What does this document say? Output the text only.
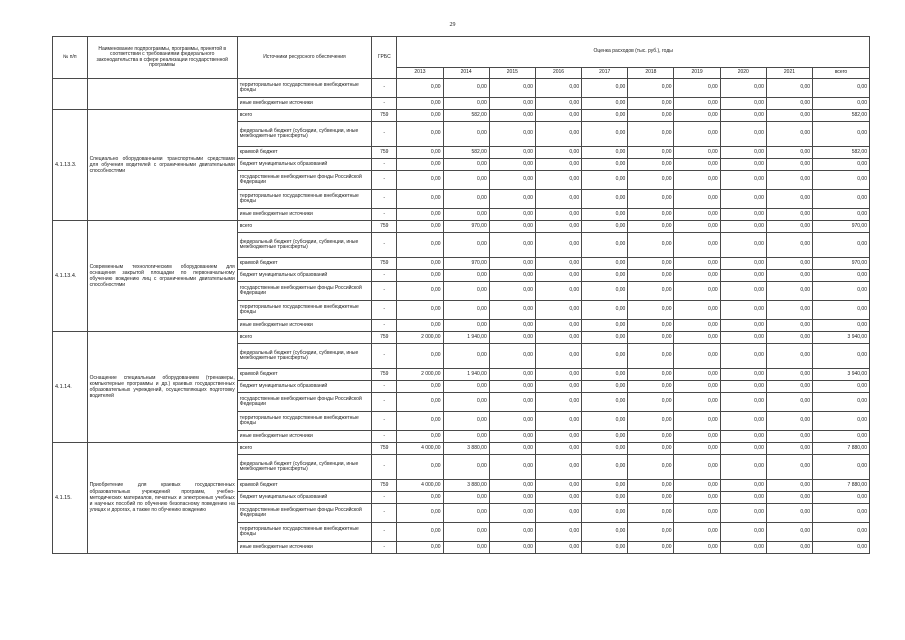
29
№ п/п	Наименование подпрограммы, программы, принятой в соответствии с требованиями федерального законодательства в сфере реализации государственной программы	Источники ресурсного обеспечения	ГРБС	Оценка расходов (тыс. руб.), годы									
				2013	2014	2015	2016	2017	2018	2019	2020	2021	всего
		территориальные государственные внебюджетные фонды	-	0,00	0,00	0,00	0,00	0,00	0,00	0,00	0,00	0,00	0,00
		иные внебюджетные источники	-	0,00	0,00	0,00	0,00	0,00	0,00	0,00	0,00	0,00	0,00
4.1.13.3.	Специально оборудованными транспортными средствами для обучения водителей с ограниченными двигательными способностями	всего	759	0,00	582,00	0,00	0,00	0,00	0,00	0,00	0,00	0,00	582,00
		федеральный бюджет (субсидии, субвенции, иные межбюджетные трансферты)	-	0,00	0,00	0,00	0,00	0,00	0,00	0,00	0,00	0,00	0,00
		краевой бюджет	759	0,00	582,00	0,00	0,00	0,00	0,00	0,00	0,00	0,00	582,00
		бюджет муниципальных образований	-	0,00	0,00	0,00	0,00	0,00	0,00	0,00	0,00	0,00	0,00
		государственные внебюджетные фонды Российской Федерации	-	0,00	0,00	0,00	0,00	0,00	0,00	0,00	0,00	0,00	0,00
		территориальные государственные внебюджетные фонды	-	0,00	0,00	0,00	0,00	0,00	0,00	0,00	0,00	0,00	0,00
		иные внебюджетные источники	-	0,00	0,00	0,00	0,00	0,00	0,00	0,00	0,00	0,00	0,00
4.1.13.4.	Современным технологическим оборудованием для оснащения закрытой площадки по первоначальному обучению вождению лиц с ограниченными двигательными способностями	всего	759	0,00	970,00	0,00	0,00	0,00	0,00	0,00	0,00	0,00	970,00
		федеральный бюджет (субсидии, субвенции, иные межбюджетные трансферты)	-	0,00	0,00	0,00	0,00	0,00	0,00	0,00	0,00	0,00	0,00
		краевой бюджет	759	0,00	970,00	0,00	0,00	0,00	0,00	0,00	0,00	0,00	970,00
		бюджет муниципальных образований	-	0,00	0,00	0,00	0,00	0,00	0,00	0,00	0,00	0,00	0,00
		государственные внебюджетные фонды Российской Федерации	-	0,00	0,00	0,00	0,00	0,00	0,00	0,00	0,00	0,00	0,00
		территориальные государственные внебюджетные фонды	-	0,00	0,00	0,00	0,00	0,00	0,00	0,00	0,00	0,00	0,00
		иные внебюджетные источники	-	0,00	0,00	0,00	0,00	0,00	0,00	0,00	0,00	0,00	0,00
4.1.14.	Оснащение специальным оборудованием (тренажеры, компьютерные программы и др.) краевых государственных образовательных учреждений, осуществляющих подготовку водителей	всего	759	2 000,00	1 940,00	0,00	0,00	0,00	0,00	0,00	0,00	0,00	3 940,00
		федеральный бюджет (субсидии, субвенции, иные межбюджетные трансферты)	-	0,00	0,00	0,00	0,00	0,00	0,00	0,00	0,00	0,00	0,00
		краевой бюджет	759	2 000,00	1 940,00	0,00	0,00	0,00	0,00	0,00	0,00	0,00	3 940,00
		бюджет муниципальных образований	-	0,00	0,00	0,00	0,00	0,00	0,00	0,00	0,00	0,00	0,00
		государственные внебюджетные фонды Российской Федерации	-	0,00	0,00	0,00	0,00	0,00	0,00	0,00	0,00	0,00	0,00
		территориальные государственные внебюджетные фонды	-	0,00	0,00	0,00	0,00	0,00	0,00	0,00	0,00	0,00	0,00
		иные внебюджетные источники	-	0,00	0,00	0,00	0,00	0,00	0,00	0,00	0,00	0,00	0,00
4.1.15.	Приобретение для краевых государственных образовательных учреждений программ, учебно-методических материалов, печатных и электронных учебных и научных пособий по обучению безопасному поведению на улицах и дорогах, а также по обучению вождению	всего	759	4 000,00	3 880,00	0,00	0,00	0,00	0,00	0,00	0,00	0,00	7 880,00
		федеральный бюджет (субсидии, субвенции, иные межбюджетные трансферты)	-	0,00	0,00	0,00	0,00	0,00	0,00	0,00	0,00	0,00	0,00
		краевой бюджет	759	4 000,00	3 880,00	0,00	0,00	0,00	0,00	0,00	0,00	0,00	7 880,00
		бюджет муниципальных образований	-	0,00	0,00	0,00	0,00	0,00	0,00	0,00	0,00	0,00	0,00
		государственные внебюджетные фонды Российской Федерации	-	0,00	0,00	0,00	0,00	0,00	0,00	0,00	0,00	0,00	0,00
		территориальные государственные внебюджетные фонды	-	0,00	0,00	0,00	0,00	0,00	0,00	0,00	0,00	0,00	0,00
		иные внебюджетные источники	-	0,00	0,00	0,00	0,00	0,00	0,00	0,00	0,00	0,00	0,00
